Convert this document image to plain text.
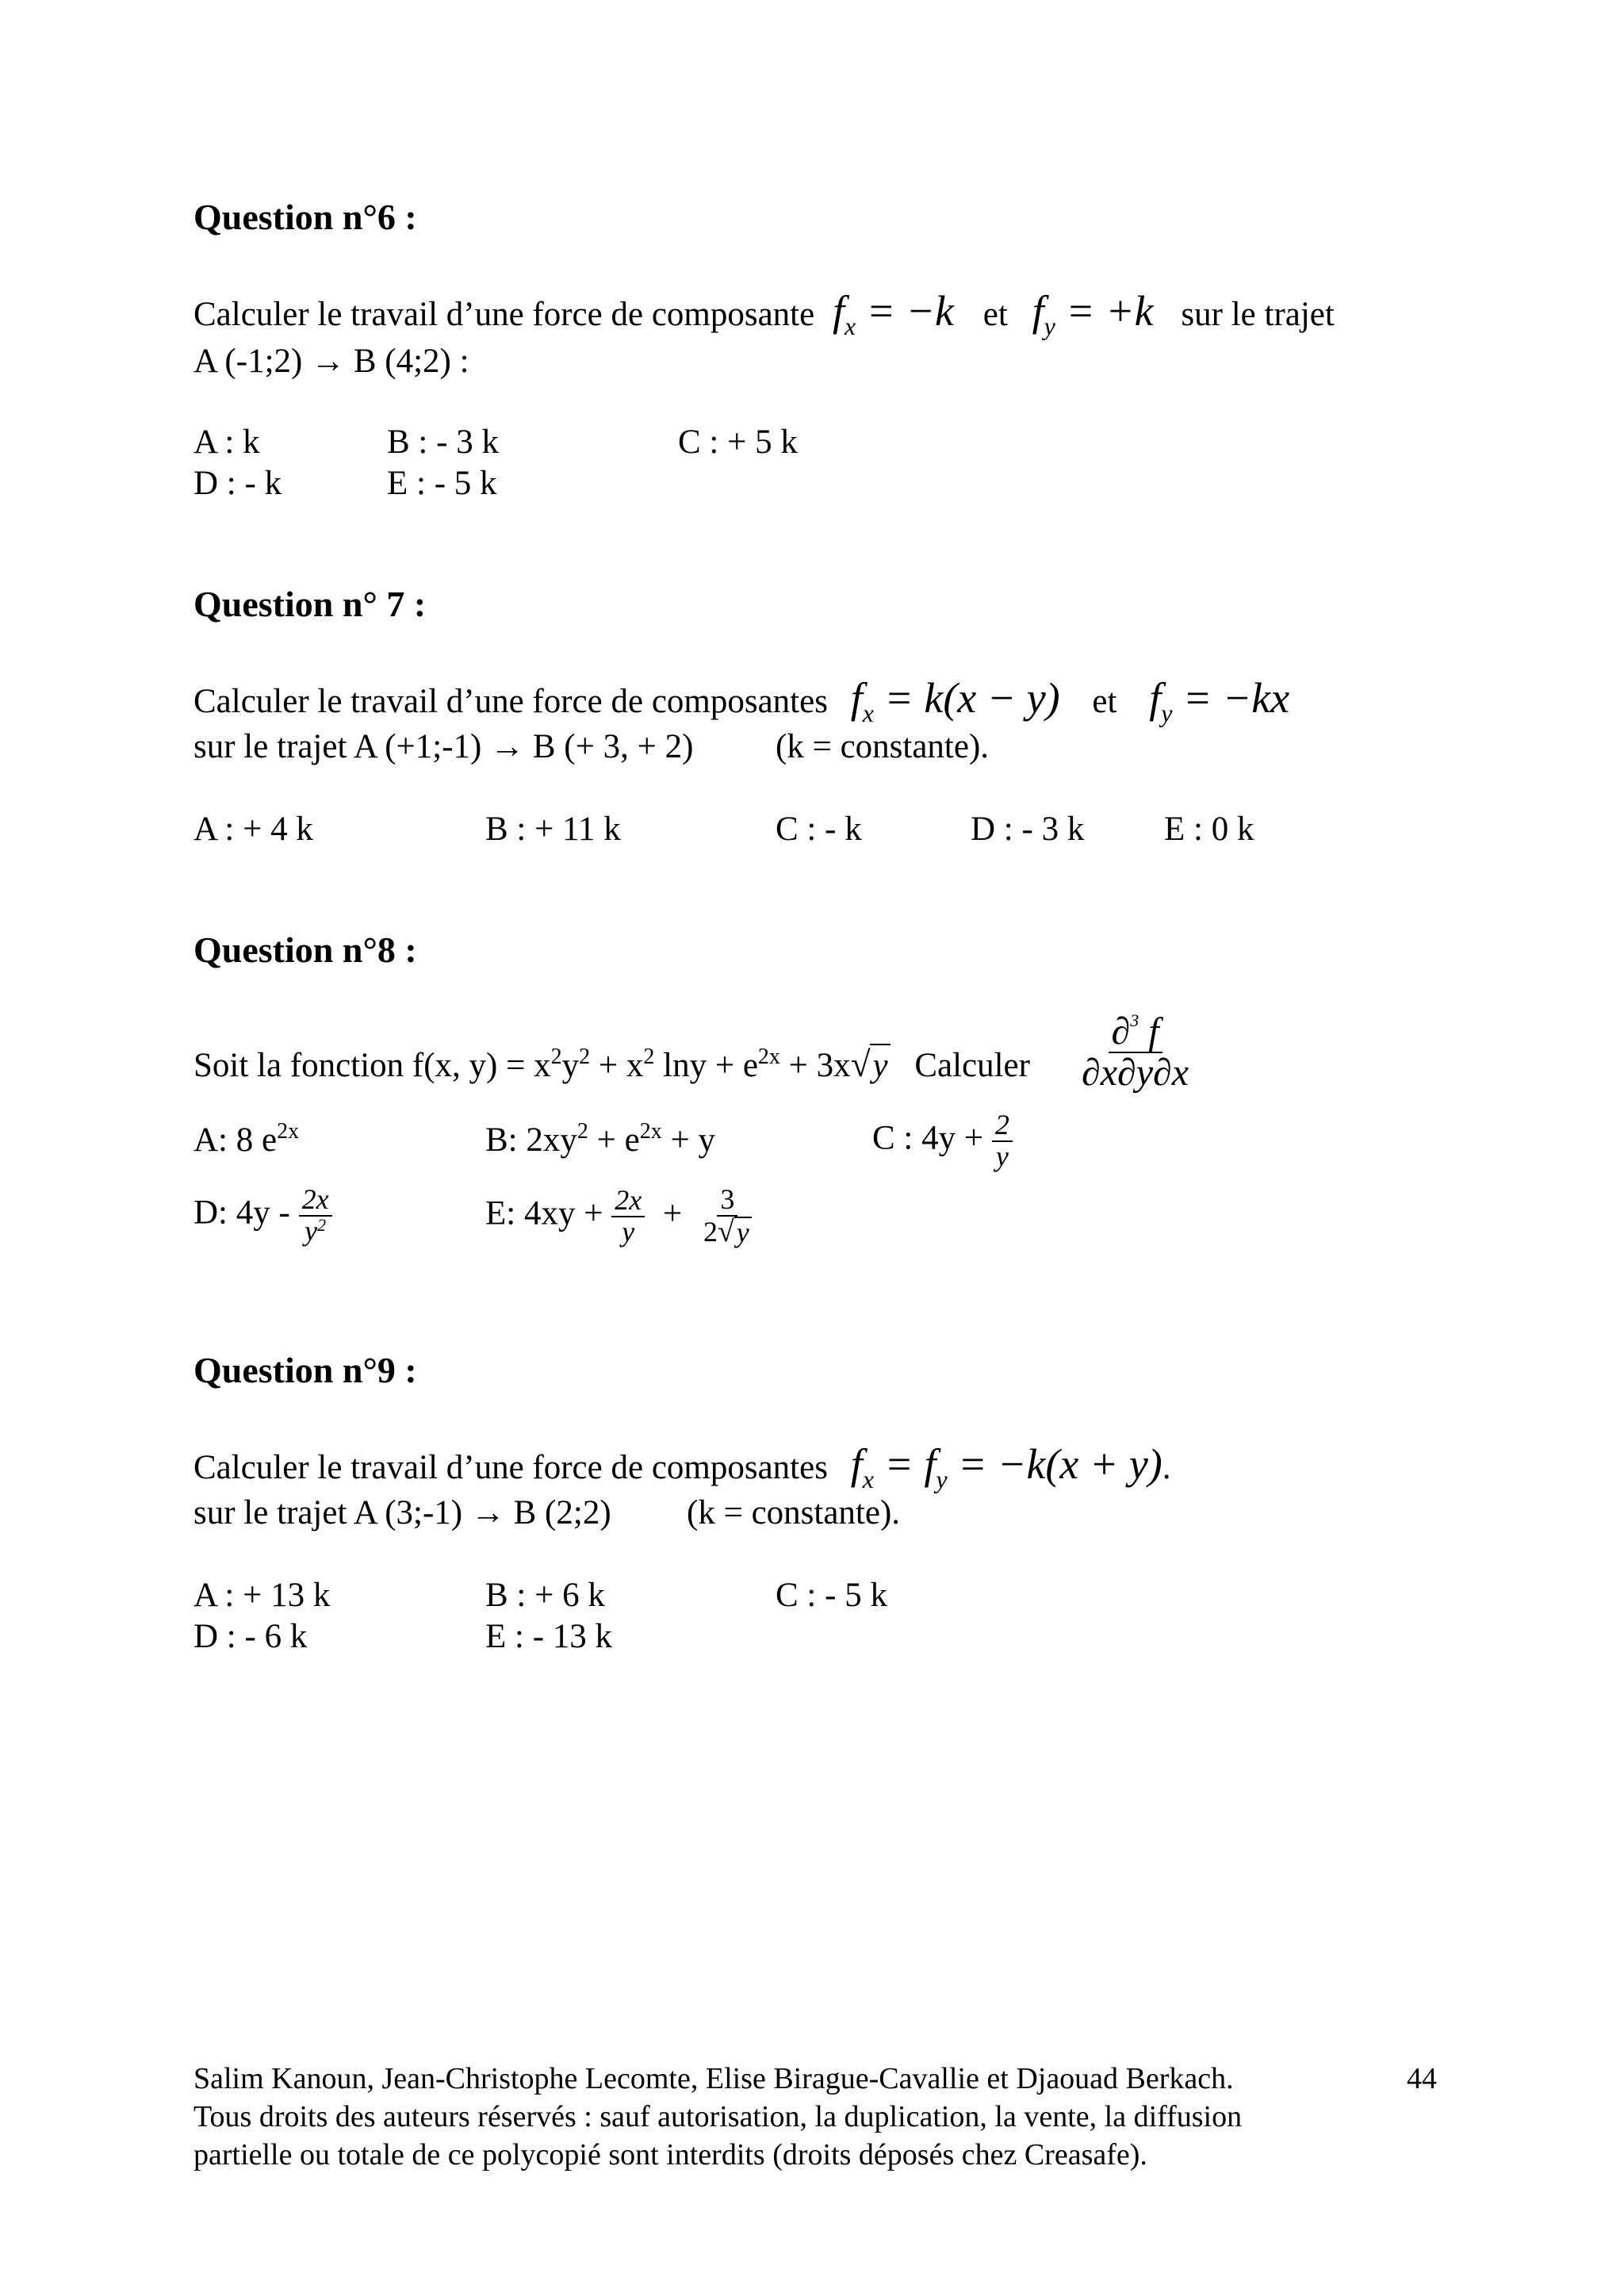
Question n°6 :
Calculer le travail d’une force de composante $f_x = -k$ et $f_y = +k$ sur le trajet
A (-1;2) → B (4;2) :
A : k	B : - 3 k	C : + 5 k
D : - k	E : - 5 k
Question n° 7 :
Calculer le travail d’une force de composantes $f_x = k(x - y)$ et $f_y = -kx$
sur le trajet A (+1;-1) → B (+ 3, + 2) (k = constante).
A : + 4 k	B : + 11 k	C : - k	D : - 3 k E : 0 k
Question n°8 :
Soit la fonction f(x, $y) = x^2y^2 + x^2$ $\ln y + e^{2x} + 3x$ √ y Calculer $\frac{\partial^3 f}{\partial x\partial y\partial x}$
A: 8 $e^{2x}$	B: $2xy^2 + e^{2x} + y$	C : $4y + \frac{2}{y}$
D: $4y - \frac{2x}{y^2}$	E: $4xy + \frac{2x}{y} + \frac{3}{2 √ y}$
Question n°9 :
Calculer le travail d’une force de composantes $f_x = f_y = -k(x + y)$.
sur le trajet A (3;-1) → B (2;2) (k = constante).
A : + 13 k	B : + 6 k	C : - 5 k
D : - 6 k	E : - 13 k
Salim Kanoun, Jean-Christophe Lecomte, Elise Birague-Cavallie et Djaouad Berkach.	44
Tous droits des auteurs réservés : sauf autorisation, la duplication, la vente, la diffusion
partielle ou totale de ce polycopié sont interdits (droits déposés chez Creasafe).
